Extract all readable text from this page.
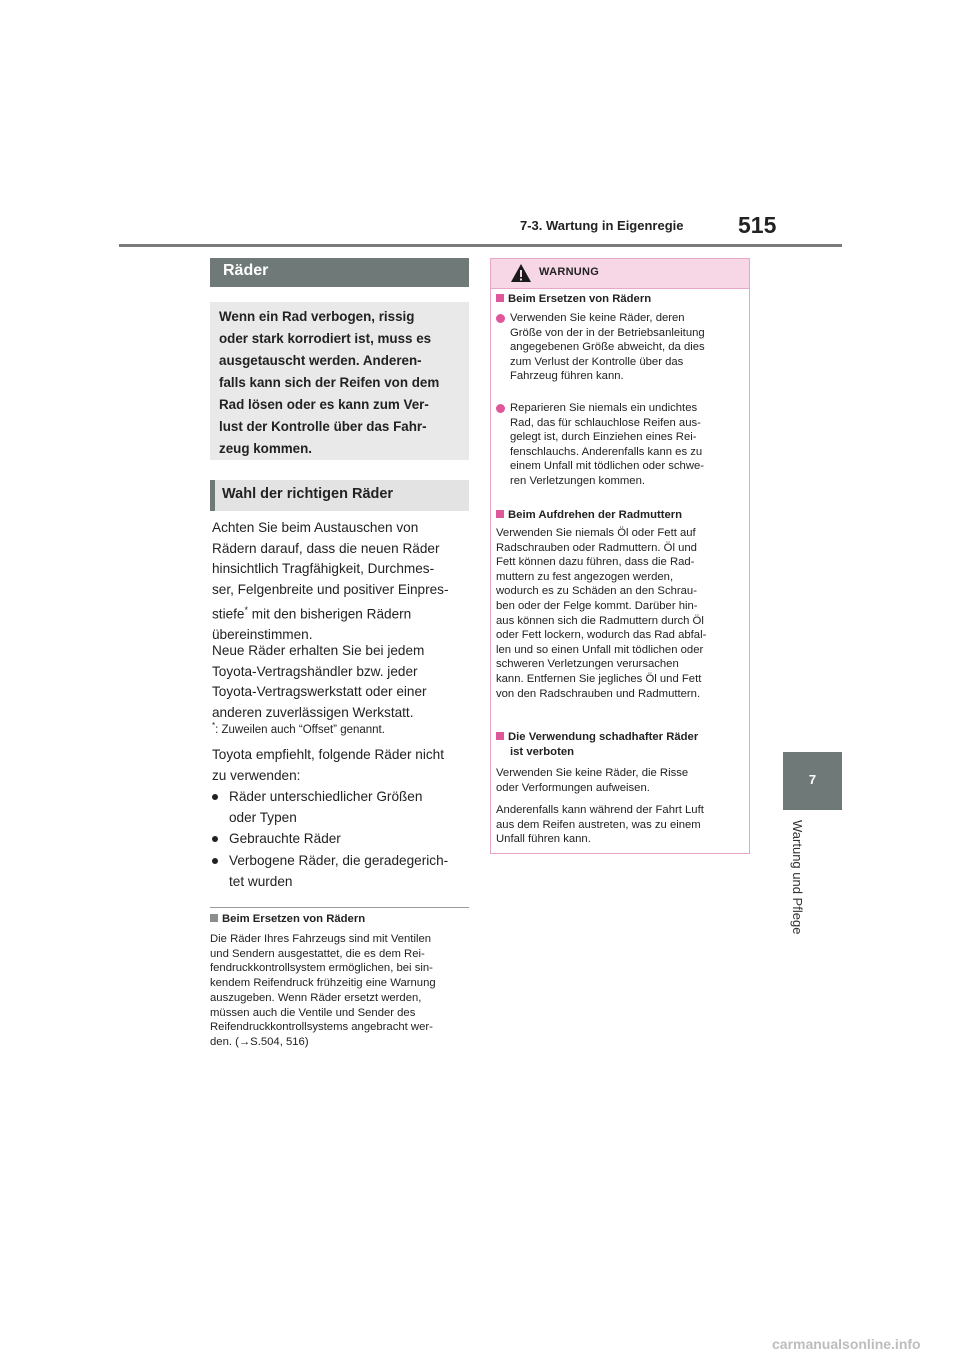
7-3. Wartung in Eigenregie 515
7
Wartung und Pflege
Räder

Wenn ein Rad verbogen, rissig
oder stark korrodiert ist, muss es
ausgetauscht werden. Anderen-
falls kann sich der Reifen von dem
Rad lösen oder es kann zum Ver-
lust der Kontrolle über das Fahr-
zeug kommen.

Wahl der richtigen Räder

Achten Sie beim Austauschen von
Rädern darauf, dass die neuen Räder
hinsichtlich Tragfähigkeit, Durchmes-
ser, Felgenbreite und positiver Einpres-

stiefe* mit den bisherigen Rädern
übereinstimmen.

Neue Räder erhalten Sie bei jedem
Toyota-Vertragshändler bzw. jeder
Toyota-Vertragswerkstatt oder einer
anderen zuverlässigen Werkstatt.

*: Zuweilen auch “Offset” genannt.

Toyota empfiehlt, folgende Räder nicht
zu verwenden:

Räder unterschiedlicher Größen
oder Typen
Gebrauchte Räder
Verbogene Räder, die geradegerich-
tet wurden
Beim Ersetzen von Rädern
Die Räder Ihres Fahrzeugs sind mit Ventilen
und Sendern ausgestattet, die es dem Rei-
fendruckkontrollsystem ermöglichen, bei sin-
kendem Reifendruck frühzeitig eine Warnung
auszugeben. Wenn Räder ersetzt werden,
müssen auch die Ventile und Sender des
Reifendruckkontrollsystems angebracht wer-
den. (→S.504, 516)
WARNUNG
Beim Ersetzen von Rädern
Verwenden Sie keine Räder, deren
Größe von der in der Betriebsanleitung
angegebenen Größe abweicht, da dies
zum Verlust der Kontrolle über das
Fahrzeug führen kann.
Reparieren Sie niemals ein undichtes
Rad, das für schlauchlose Reifen aus-
gelegt ist, durch Einziehen eines Rei-
fenschlauchs. Anderenfalls kann es zu
einem Unfall mit tödlichen oder schwe-
ren Verletzungen kommen.
Beim Aufdrehen der Radmuttern

Verwenden Sie niemals Öl oder Fett auf
Radschrauben oder Radmuttern. Öl und
Fett können dazu führen, dass die Rad-
muttern zu fest angezogen werden,
wodurch es zu Schäden an den Schrau-
ben oder der Felge kommt. Darüber hin-
aus können sich die Radmuttern durch Öl
oder Fett lockern, wodurch das Rad abfal-
len und so einen Unfall mit tödlichen oder
schweren Verletzungen verursachen
kann. Entfernen Sie jegliches Öl und Fett
von den Radschrauben und Radmuttern.

Die Verwendung schadhafter Räder
ist verboten

Verwenden Sie keine Räder, die Risse
oder Verformungen aufweisen.

Anderenfalls kann während der Fahrt Luft
aus dem Reifen austreten, was zu einem
Unfall führen kann.

carmanualsonline.info
